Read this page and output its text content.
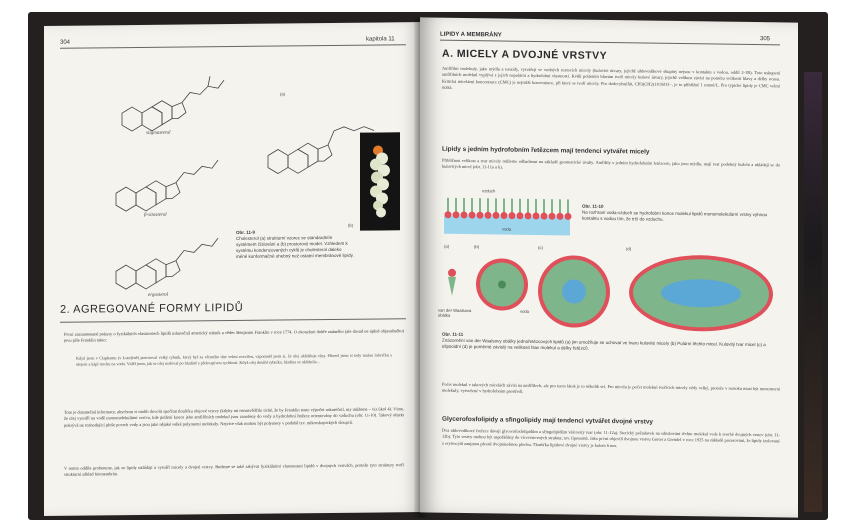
304
kapitola 11
stigmasterol
β-sitosterol
ergosterol
(a)
(b)
Obr. 11-9
Cholesterol (a) strukturní vzorec se standardním systémem číslování a (b) prostorový model. Vzhledem k systému kondenzovaných cyklů je cholesterol daleko méně konformačně ohebný než ostatní membránové lipidy.
2. AGREGOVANÉ FORMY LIPIDŮ
První zaznamenané pokusy o fyzikálních vlastnostech lipidů uskutečnil americký státník a vědec Benjamin Franklin v roce 1774. O okouzlení dobře známého (ale dosud ne úplně objasněného) jevu píše Franklin takto:
Když jsem v Claphamu (v Londýně) pozoroval velký rybník, který byl za větrného dne velmi rozvířen, vzpomněl jsem si, že olej uklidňuje vlny. Přinesl jsem si tedy malou lahvičku s olejem a kápl trochu na vodu. Viděl jsem, jak se olej rozléval po hladině s překvapivou rychlostí. Když olej dosáhl rybníka, hladina se uklidnila...
Toto je dostatečná informace, abychom si mohli dovolit spočítat tloušťku olejové vrstvy (kdyby mi nenasvědčilo tiché, že by Franklin tento výpočet uskutečnil, my můžeme – viz úkol 4). Víme, že olej vytváří na vodě monomolekulární vrstvu, kde polární konce jeho amfifilních molekul jsou zanořeny do vody a hydrofobní řetězce orientovány do vzduchu (obr. 11-10). Takový objekt pokrývá na rozhodující ploše povrch vody a jsou jako nějaké velké polymerní molekuly. Nejvíce však mohou být polymery v podobě tzv. mikroskopických sloupců.
V tomto oddíle probereme, jak se lipidy ukládají a vytváří micely a dvojné vrstvy. Budeme se také zabývat fyzikálními vlastnostmi lipidů v dvojných vrstvách, protože tyto struktury tvoří strukturní základ biomembrán.
LIPIDY A MEMBRÁNY
305
A. MICELY A DVOJNÉ VRSTVY
Amfifilní molekuly, jako mýdla a tenzidy, vytvářejí ve vodných roztocích micely (kulovité útvary, jejichž uhlovodíkové skupiny nejsou v kontaktu s vodou, oddíl 2-1B). Toto uskupení amfifilních molekul vyplývá z jejich nepolární a hydrofobní vlastnosti. Kvůli polárním hlavám tvoří micely kulové útvary, jejichž velikost závisí na poměru velikosti hlavy a délky ocasu. Kritická micelární koncentrace (CMC) je nejnižší koncentrace, při které se tvoří micely. Pro dodecylsulfát, CH3(CH2)11OSO3−, je to přibližně 1 mmol/L. Pro typické lipidy je CMC velmi nízká.
Lipidy s jedním hydrofobním řetězcem mají tendenci vytvářet micely
Přibližnou velikost a tvar micely můžeme odhadnout na základě geometrické úvahy. Amfifily s jedním hydrofobním řetězcem, jako jsou mýdla, mají tvar podobný kuželu a ukládají se do kulovitých micel (obr. 11-11a a b).
vzduch
voda
Obr. 11-10
Na rozhraní voda-vzduch se hydrofobní konce molekul lipidů monomolekulární vrstvy vyhnou kontaktu s vodou tím, že trčí do vzduchu.
(a)	(b)	(c)	(d)
van der Waalsova obálka
voda
Obr. 11-11
Znázornění van der Waalsovy obálky jednořetězcových lipidů (a) jim umožňuje se uchovat ve tvaru kulovité micely (b) Polární těchto micel. Kulovitý tvar micel (c) a elipsoidní (d) je poměrně závislý na velikosti hlav molekul a délky řetězců.
Počet molekul v takových micelách závisí na amfifilech, ale pro tucto látek je to několik set. Pro micelu je počet molekul tvořících micely vždy velký, protože v roztoku musí být monomerní molekuly, vytvořené v hydrofobním prostředí.
Glycerofosfolipidy a sfingolipidy mají tendenci vytvářet dvojné vrstvy
Dva uhlovodíkové řetězce dávají glycerofosfolipidům a sfingolipidům válcovitý tvar (obr. 11-12a). Sterický požadavek na sdružování těchto molekul vede k tvorbě dvojných vrstev (obr. 11-12b). Tyto vrstvy mohou být uspořádány do vícevrstevných struktur, tzv. liposomů. Jako první objevili dvojnou vrstvu Gorter a Grendel v roce 1925 na základě pozorování, že lipidy izolované z erytrocytů zaujmou přesně dvojnásobnou plochu. Tloušťka lipidové dvojné vrstvy je kolem 6 nm.
